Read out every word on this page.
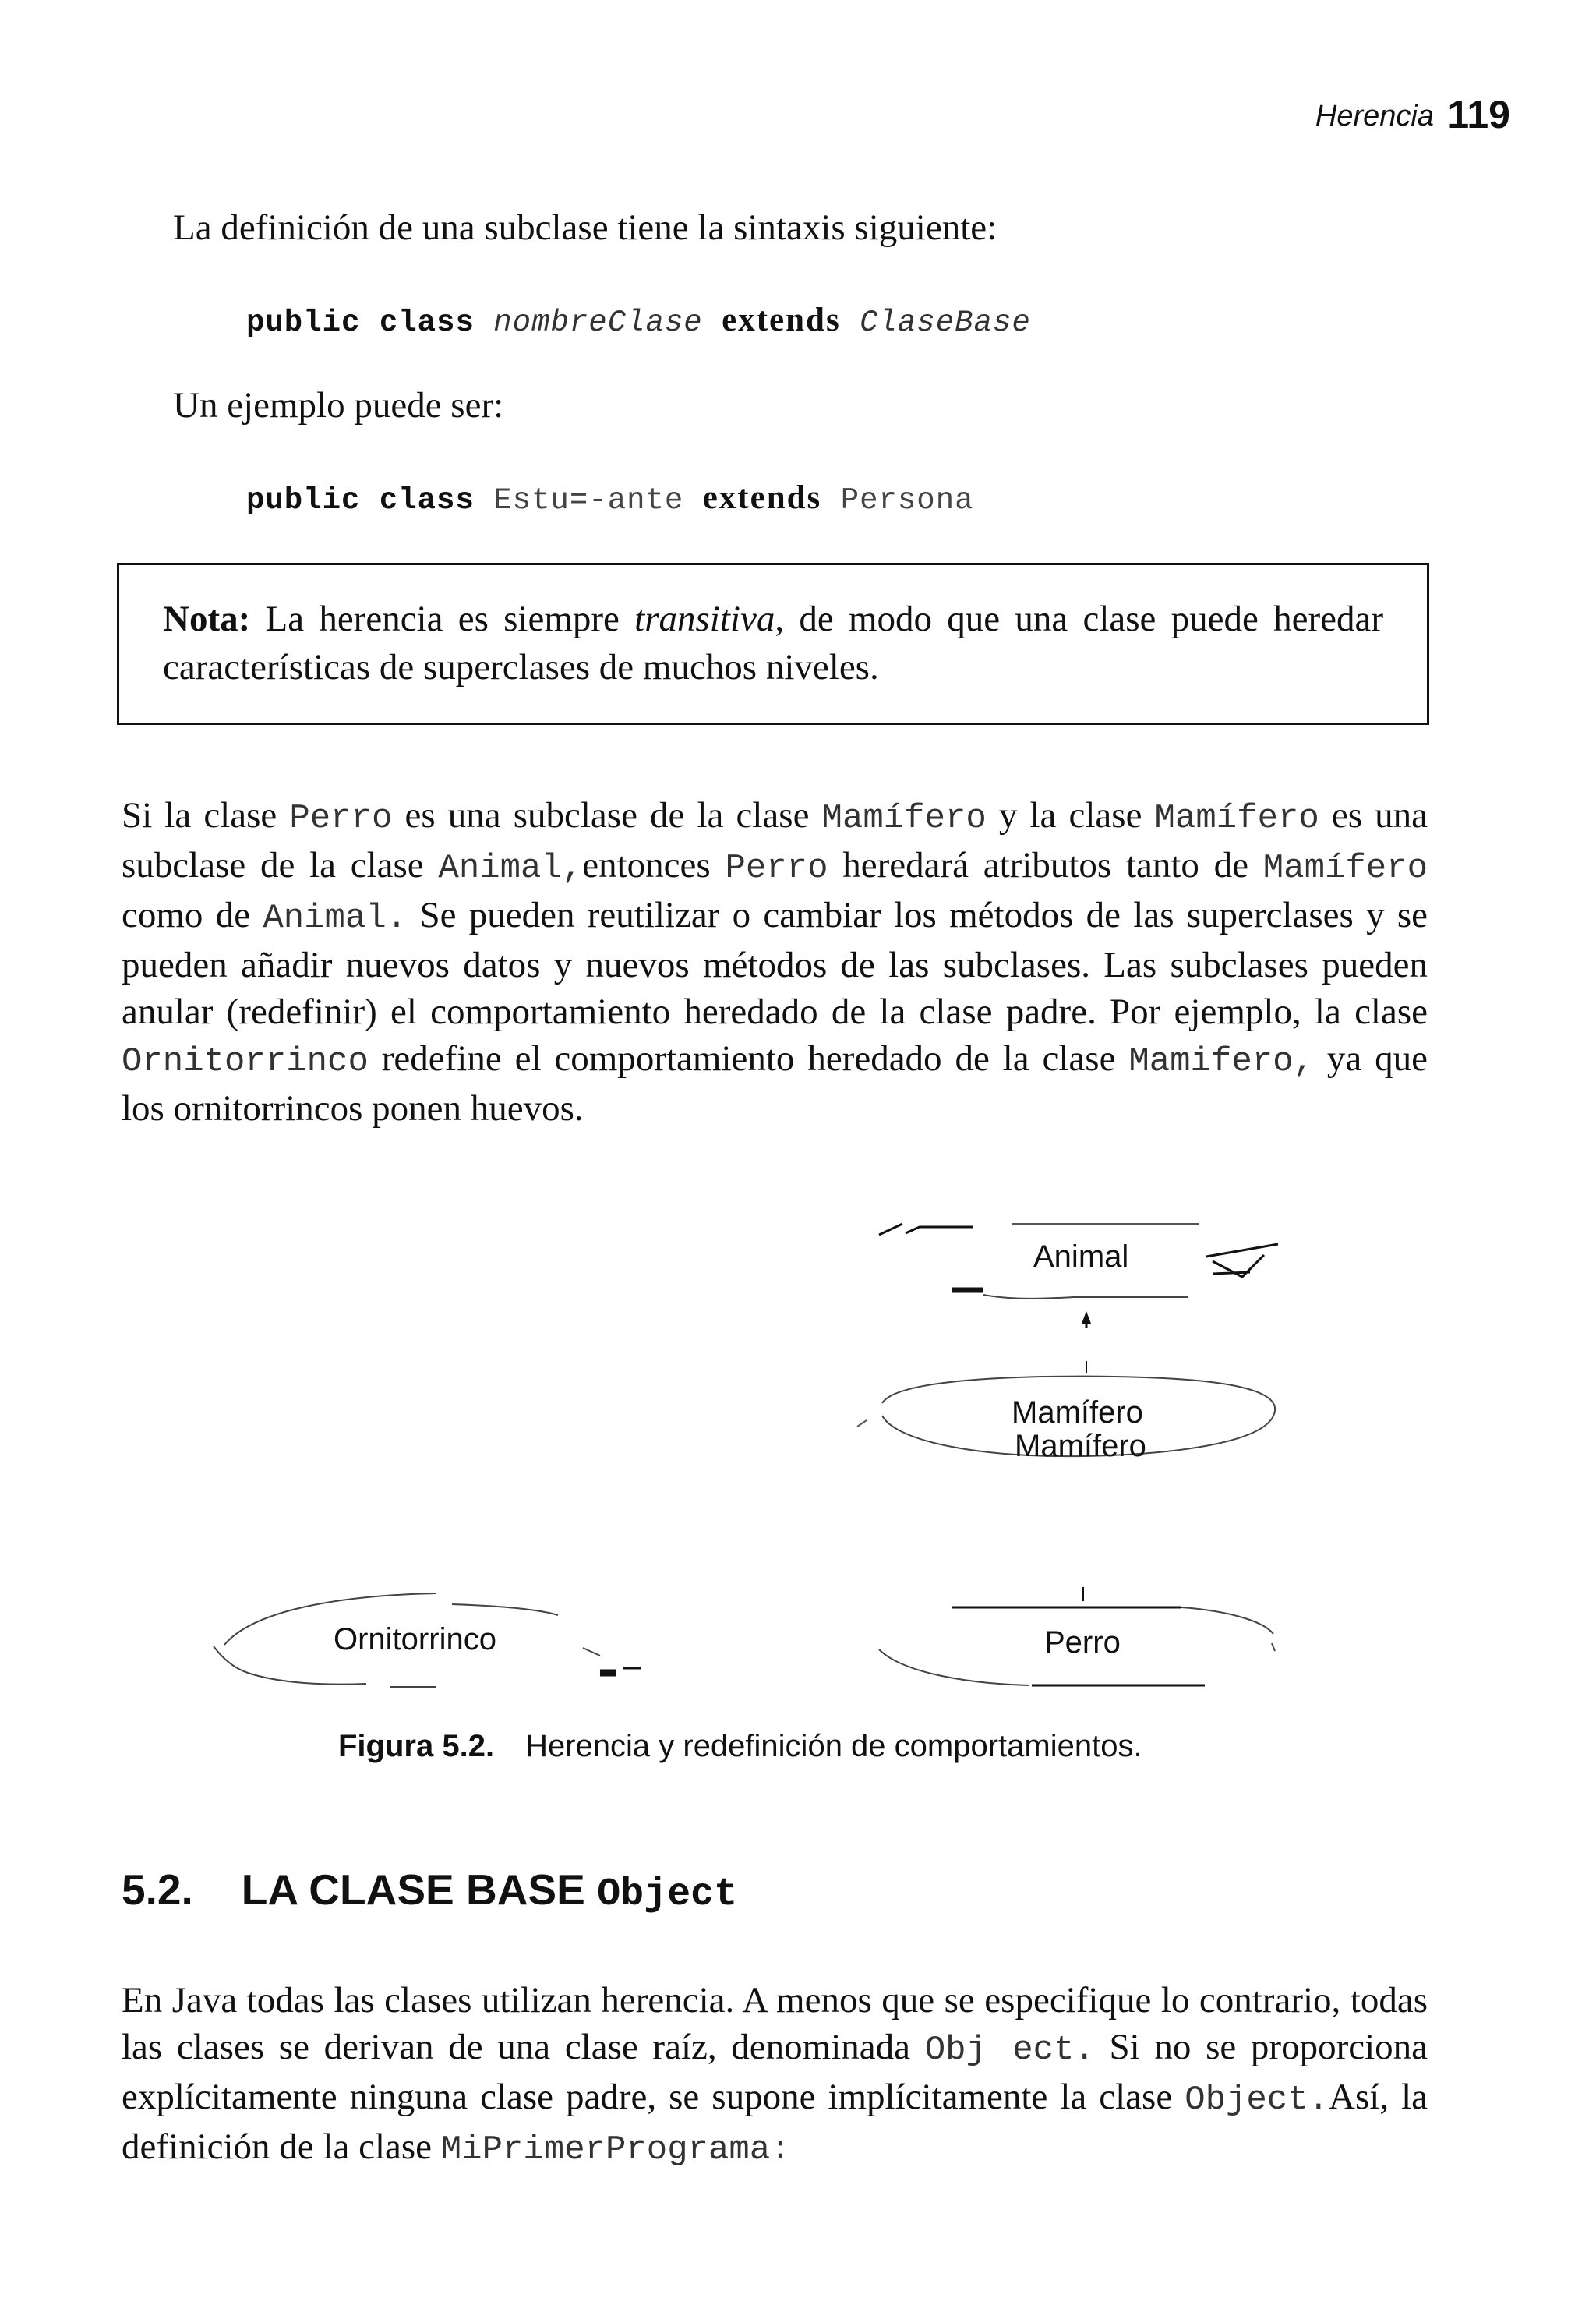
Herencia 119
La definición de una subclase tiene la sintaxis siguiente:
public class nombreClase extends ClaseBase
Un ejemplo puede ser:
public class Estu=-ante extends Persona
Nota: La herencia es siempre transitiva, de modo que una clase puede heredar características de superclases de muchos niveles.
Si la clase Perro es una subclase de la clase Mamífero y la clase Mamífero es una subclase de la clase Animal,entonces Perro heredará atributos tanto de Mamífero como de Animal. Se pueden reutilizar o cambiar los métodos de las superclases y se pueden añadir nuevos datos y nuevos métodos de las subclases. Las subclases pueden anular (redefinir) el comportamiento heredado de la clase padre. Por ejemplo, la clase Ornitorrinco redefine el comportamiento heredado de la clase Mamifero, ya que los ornitorrincos ponen huevos.
Animal
Mamífero
Mamífero
Ornitorrinco	Perro
Figura 5.2. Herencia y redefinición de comportamientos.
5.2. LA CLASE BASE Object
En Java todas las clases utilizan herencia. A menos que se especifique lo contrario, todas las clases se derivan de una clase raíz, denominada Obj ect. Si no se proporciona explícitamente ninguna clase padre, se supone implícitamente la clase Object.Así, la definición de la clase MiPrimerPrograma:
